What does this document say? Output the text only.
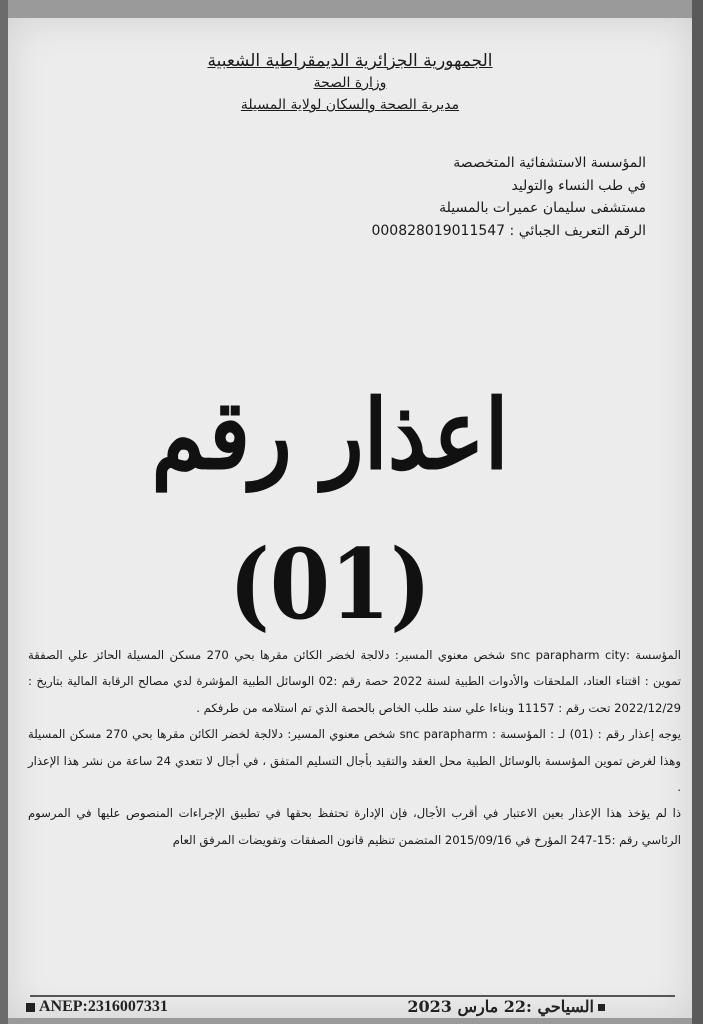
الجمهورية الجزائرية الديمقراطية الشعبية
وزارة الصحة
مديرية الصحة والسكان لولاية المسيلة
المؤسسة الاستشفائية المتخصصة
في طب النساء والتوليد
مستشفى سليمان عميرات بالمسيلة
الرقم التعريف الجبائي : 000828019011547
اعذار رقم (01)

المؤسسة :snc parapharm city شخص معنوي المسير: دلالجة لخضر الكائن مقرها بحي 270 مسكن المسيلة الحائز علي الصفقة تموين : اقتناء العتاد، الملحقات والأدوات الطبية لسنة 2022 حصة رقم :02 الوسائل الطبية المؤشرة لدي مصالح الرقابة المالية بتاريخ : 2022/12/29 تحت رقم : 11157 وبناءا علي سند طلب الخاص بالحصة الذي تم استلامه من طرفكم .

يوجه إعذار رقم : (01) لـ : المؤسسة : snc parapharm شخص معنوي المسير: دلالجة لخضر الكائن مقرها بحي 270 مسكن المسيلة وهذا لغرض تموين المؤسسة بالوسائل الطبية محل العقد والتقيد بأجال التسليم المتفق ، في أجال لا تتعدي 24 ساعة من نشر هذا الإعذار .

ذا لم يؤخذ هذا الإعذار بعين الاعتبار في أقرب الأجال، فإن الإدارة تحتفظ بحقها في تطبيق الإجراءات المنصوص عليها في المرسوم الرئاسي رقم :15-247 المؤرخ في 2015/09/16 المتضمن تنظيم قانون الصفقات وتفويضات المرفق العام

ANEP:2316007331	السياحي :22 مارس 2023
